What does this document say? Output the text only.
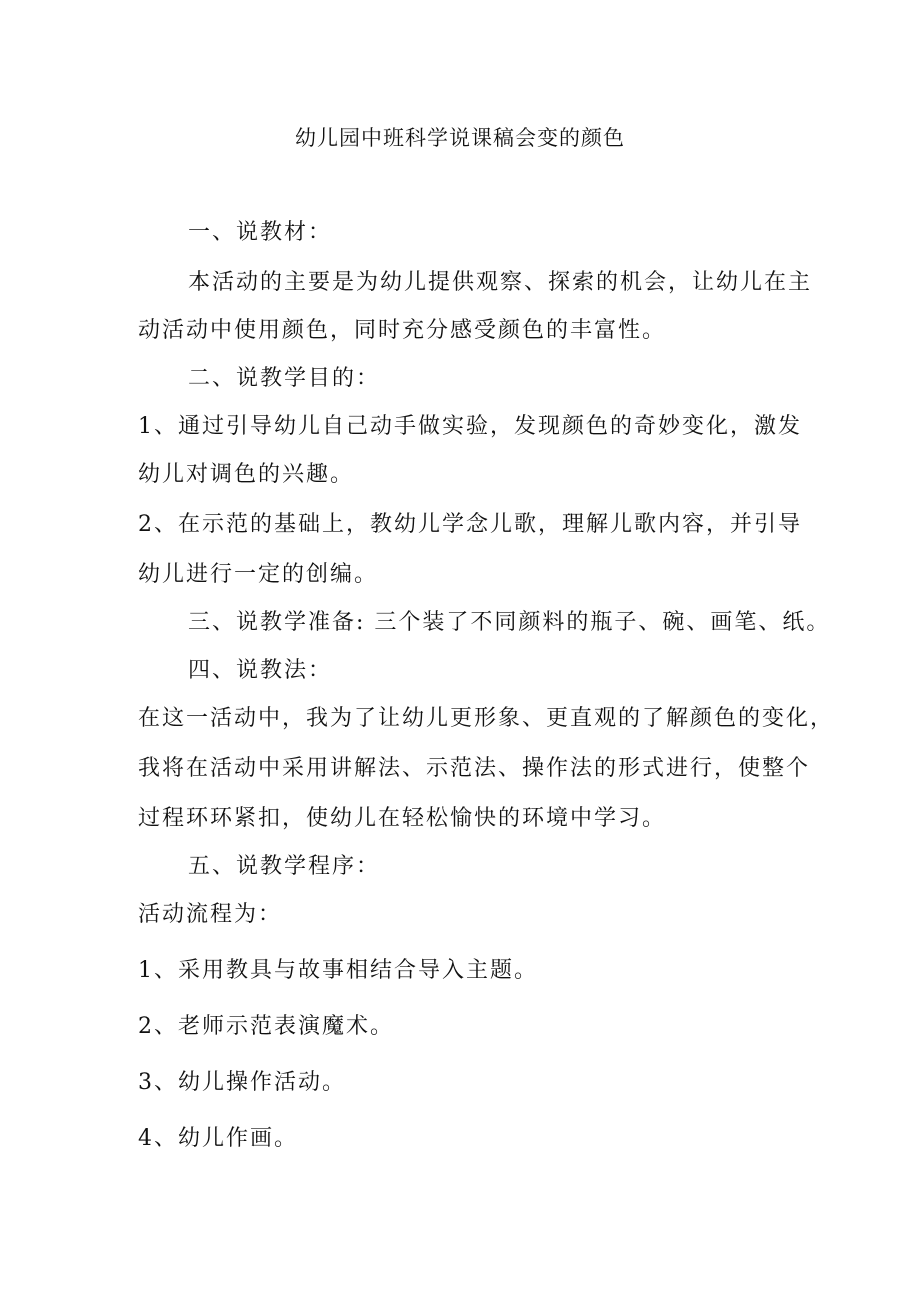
幼儿园中班科学说课稿会变的颜色

一、说教材：

本活动的主要是为幼儿提供观察、探索的机会，让幼儿在主

动活动中使用颜色，同时充分感受颜色的丰富性。

二、说教学目的：

1、通过引导幼儿自己动手做实验，发现颜色的奇妙变化，激发

幼儿对调色的兴趣。

2、在示范的基础上，教幼儿学念儿歌，理解儿歌内容，并引导

幼儿进行一定的创编。

三、说教学准备: 三个装了不同颜料的瓶子、碗、画笔、纸。

四、说教法：

在这一活动中，我为了让幼儿更形象、更直观的了解颜色的变化，

我将在活动中采用讲解法、示范法、操作法的形式进行，使整个

过程环环紧扣，使幼儿在轻松愉快的环境中学习。

五、说教学程序：

活动流程为：

1、采用教具与故事相结合导入主题。

2、老师示范表演魔术。

3、幼儿操作活动。

4、幼儿作画。
